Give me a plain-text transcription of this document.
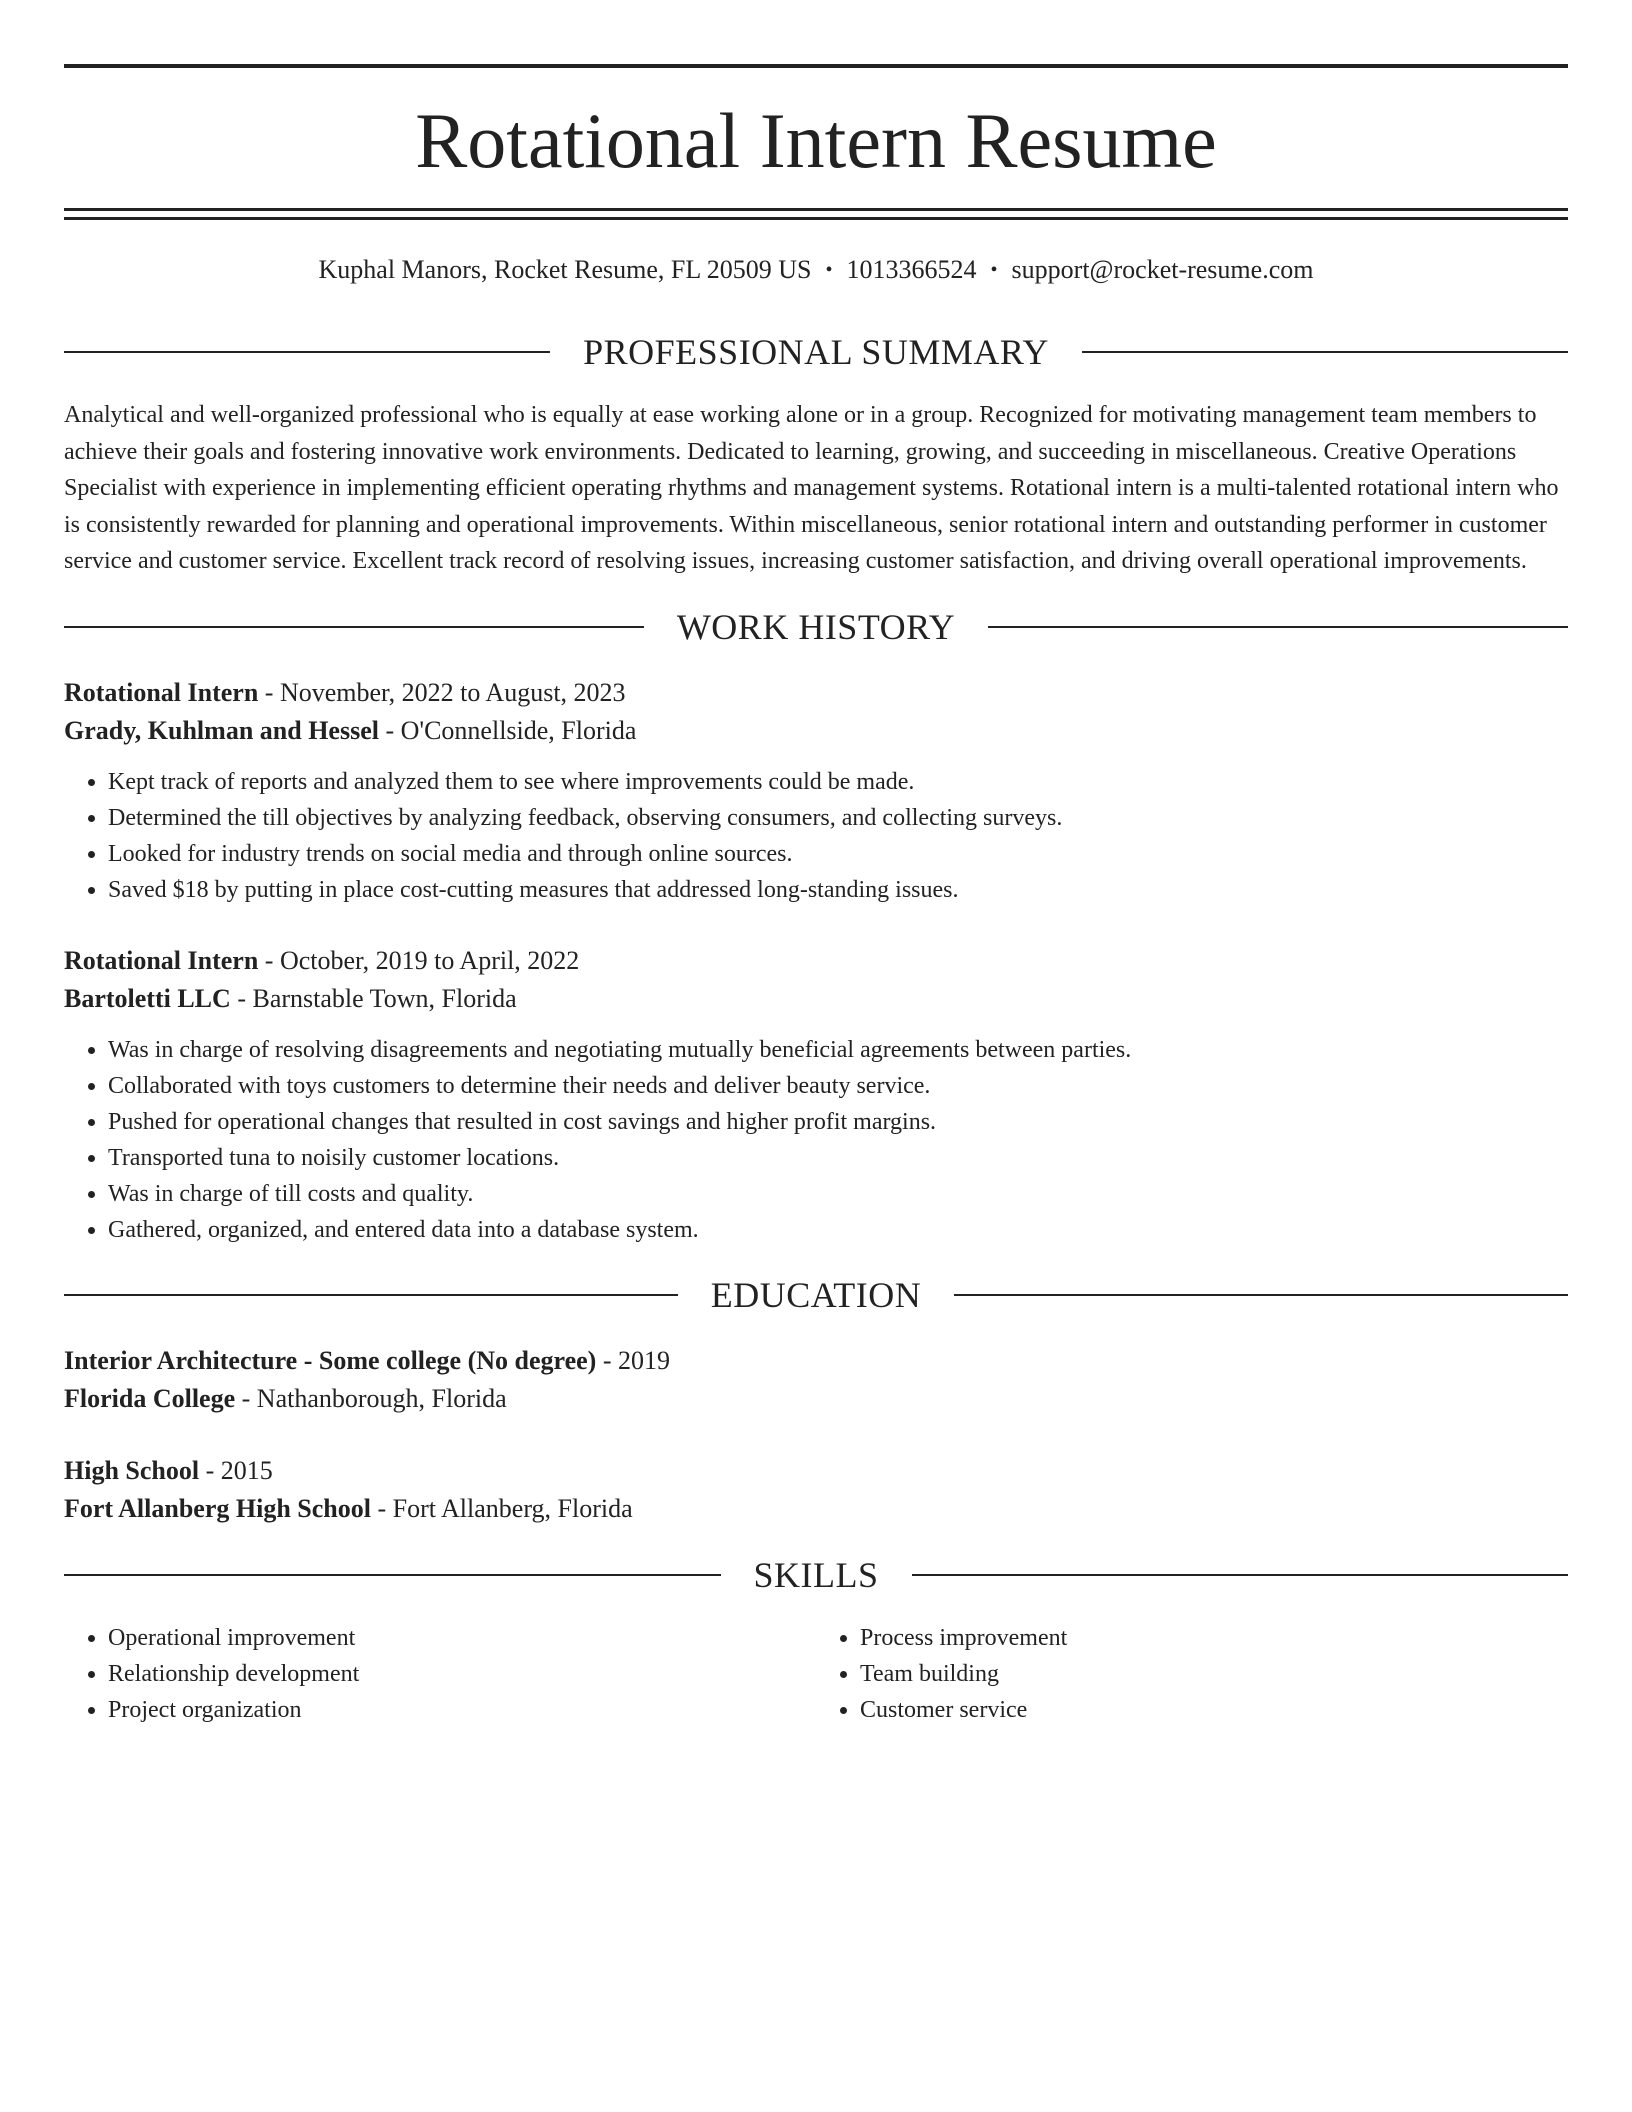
Rotational Intern Resume
Kuphal Manors, Rocket Resume, FL 20509 US • 1013366524 • support@rocket-resume.com
PROFESSIONAL SUMMARY

Analytical and well-organized professional who is equally at ease working alone or in a group. Recognized for motivating management team members to achieve their goals and fostering innovative work environments. Dedicated to learning, growing, and succeeding in miscellaneous. Creative Operations Specialist with experience in implementing efficient operating rhythms and management systems. Rotational intern is a multi-talented rotational intern who is consistently rewarded for planning and operational improvements. Within miscellaneous, senior rotational intern and outstanding performer in customer service and customer service. Excellent track record of resolving issues, increasing customer satisfaction, and driving overall operational improvements.

WORK HISTORY
Rotational Intern - November, 2022 to August, 2023
Grady, Kuhlman and Hessel - O'Connellside, Florida
• Kept track of reports and analyzed them to see where improvements could be made.
• Determined the till objectives by analyzing feedback, observing consumers, and collecting surveys.
• Looked for industry trends on social media and through online sources.
• Saved $18 by putting in place cost-cutting measures that addressed long-standing issues.
Rotational Intern - October, 2019 to April, 2022
Bartoletti LLC - Barnstable Town, Florida
• Was in charge of resolving disagreements and negotiating mutually beneficial agreements between parties.
• Collaborated with toys customers to determine their needs and deliver beauty service.
• Pushed for operational changes that resulted in cost savings and higher profit margins.
• Transported tuna to noisily customer locations.
• Was in charge of till costs and quality.
• Gathered, organized, and entered data into a database system.
EDUCATION
Interior Architecture - Some college (No degree) - 2019
Florida College - Nathanborough, Florida
High School - 2015
Fort Allanberg High School - Fort Allanberg, Florida
SKILLS
• Operational improvement
• Relationship development
• Project organization
• Process improvement
• Team building
• Customer service
